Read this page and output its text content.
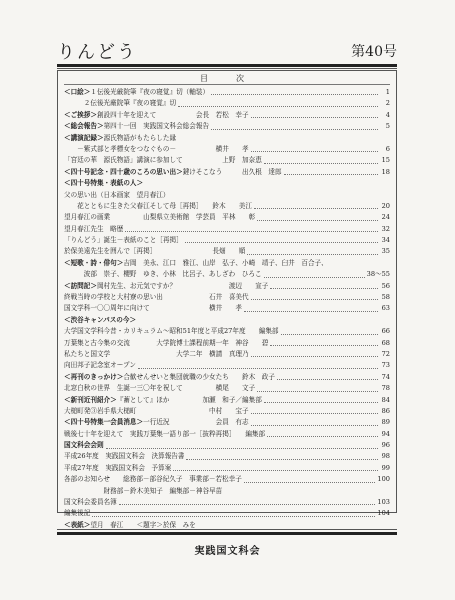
りんどう	第40号
目　次
＜口絵＞１伝後光厳院筆『夜の寝覚』切（軸装）	1
　　　２伝後光厳院筆『夜の寝覚』切	2
＜ご挨拶＞創設四十年を迎えて　　　　　　会長　若松　幸子	4
＜総会報告＞第四十一回　実践国文科会総会報告	5
＜講演記録＞源氏物語がもたらした縁
　　－紫式部と孝標女をつなぐもの－　　　　　　横井　　孝	6
「宮廷の華　源氏物語」講演に参加して　　　　　　上野　加奈恵	15
＜四十号記念・四十歳のころの思い出＞鍵けそこなう　　　出久根　達郎	18
＜四十号特集・表紙の人＞
父の思い出（日本画家　望月春江）
　　花とともに生きた父春江そして母［再掲］　　鈴木　　美江	20
望月春江の画業　　　　　山梨県立美術館　学芸員　平林　　彰	24
望月春江先生　略歴	32
「りんどう」誕生－表紙のこと［再掲］	34
於保美遠先生を囲んで［再掲］　　　　　　　　　長畑　　順	35
＜短歌・詩・俳句＞吉岡　美永、江口　雅江、山岸　弘子、小崎　靖子、臼井　百合子、
　　　波部　崇子、櫻野　ゆき、小林　比呂子、あしざわ　ひろこ	38～55
＜訪問記＞岡村先生、お元気ですか？　　　　　　　　渡辺　　宣子	56
終戦当時の学校と大村寮の思い出　　　　　　　石井　喜美代	58
国文学科一〇〇周年に向けて　　　　　　　　　横井　　孝	63
＜渋谷キャンパスの今＞
大学国文学科今昔・カリキュラム～昭和51年度と平成27年度　　編集部	66
万葉集と古今集の交流　　　　大学院博士課程前期一年　神谷　　碧	68
私たちと国文学　　　　　　　　　　大学二年　横請　真理乃	72
向田邦子記念室オープン	73
＜再刊のきっかけ＞合歓せんせいと集団就職の少女たち　　鈴木　政子	74
北窓白秋の世界　生誕一三〇年を祝して　　　　　横尾　　文子	78
＜新刊近刊紹介＞『蓄として』ほか　　　　　加瀬　和子／編集部	84
大槌町発③岩手県大槌町　　　　　　　　　　　中村　　宝子	86
＜四十号特集一会員消息＞一行近況　　　　　　　会員　有志	89
戦後七十年を迎えて　実践万葉集一語り部一［抜粋再掲］　　編集部	94
国文科会会則	96
平成26年度　実践国文科会　決算報告書	98
平成27年度　実践国文科会　予算案	99
各部のお知らせ　　総務部－部谷紀久子　事業部－若松幸子	100
　　　　　　財務部－鈴木美知子　編集部－神谷早苗
国文科会委員名簿	103
編集後記	104
＜表紙＞望月　春江　　＜題字＞於保　みを
実践国文科会
